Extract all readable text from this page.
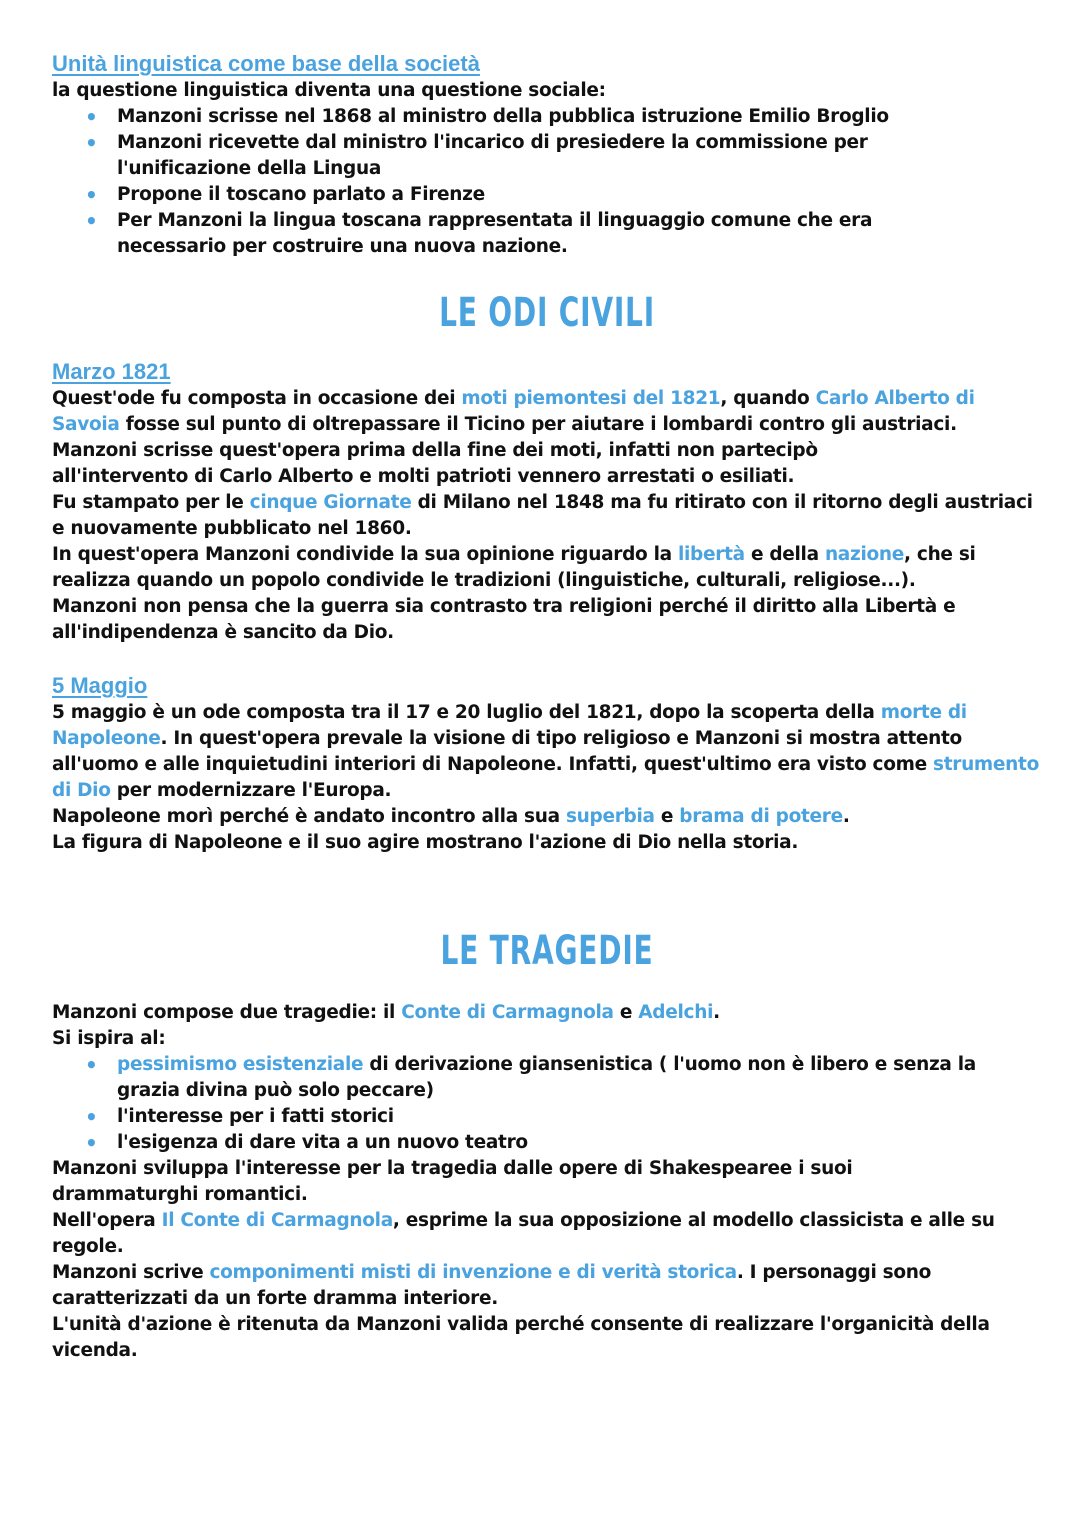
Unità linguistica come base della società

la questione linguistica diventa una questione sociale:

• Manzoni scrisse nel 1868 al ministro della pubblica istruzione Emilio Broglio
• Manzoni ricevette dal ministro l'incarico di presiedere la commissione per l'unificazione della Lingua
• Propone il toscano parlato a Firenze
• Per Manzoni la lingua toscana rappresentata il linguaggio comune che era necessario per costruire una nuova nazione.
LE ODI CIVILI
Marzo 1821

Quest'ode fu composta in occasione dei moti piemontesi del 1821, quando Carlo Alberto di Savoia fosse sul punto di oltrepassare il Ticino per aiutare i lombardi contro gli austriaci.

Manzoni scrisse quest'opera prima della fine dei moti, infatti non partecipò all'intervento di Carlo Alberto e molti patrioti vennero arrestati o esiliati.

Fu stampato per le cinque Giornate di Milano nel 1848 ma fu ritirato con il ritorno degli austriaci e nuovamente pubblicato nel 1860.

In quest'opera Manzoni condivide la sua opinione riguardo la libertà e della nazione, che si realizza quando un popolo condivide le tradizioni (linguistiche, culturali, religiose...).

Manzoni non pensa che la guerra sia contrasto tra religioni perché il diritto alla Libertà e all'indipendenza è sancito da Dio.

5 Maggio

5 maggio è un ode composta tra il 17 e 20 luglio del 1821, dopo la scoperta della morte di Napoleone. In quest'opera prevale la visione di tipo religioso e Manzoni si mostra attento all'uomo e alle inquietudini interiori di Napoleone. Infatti, quest'ultimo era visto come strumento di Dio per modernizzare l'Europa.

Napoleone morì perché è andato incontro alla sua superbia e brama di potere.

La figura di Napoleone e il suo agire mostrano l'azione di Dio nella storia.

LE TRAGEDIE

Manzoni compose due tragedie: il Conte di Carmagnola e Adelchi.

Si ispira al:

• pessimismo esistenziale di derivazione giansenistica ( l'uomo non è libero e senza la grazia divina può solo peccare)
• l'interesse per i fatti storici
• l'esigenza di dare vita a un nuovo teatro

Manzoni sviluppa l'interesse per la tragedia dalle opere di Shakespearee i suoi drammaturghi romantici.

Nell'opera Il Conte di Carmagnola, esprime la sua opposizione al modello classicista e alle su regole.

Manzoni scrive componimenti misti di invenzione e di verità storica. I personaggi sono caratterizzati da un forte dramma interiore.

L'unità d'azione è ritenuta da Manzoni valida perché consente di realizzare l'organicità della vicenda.
